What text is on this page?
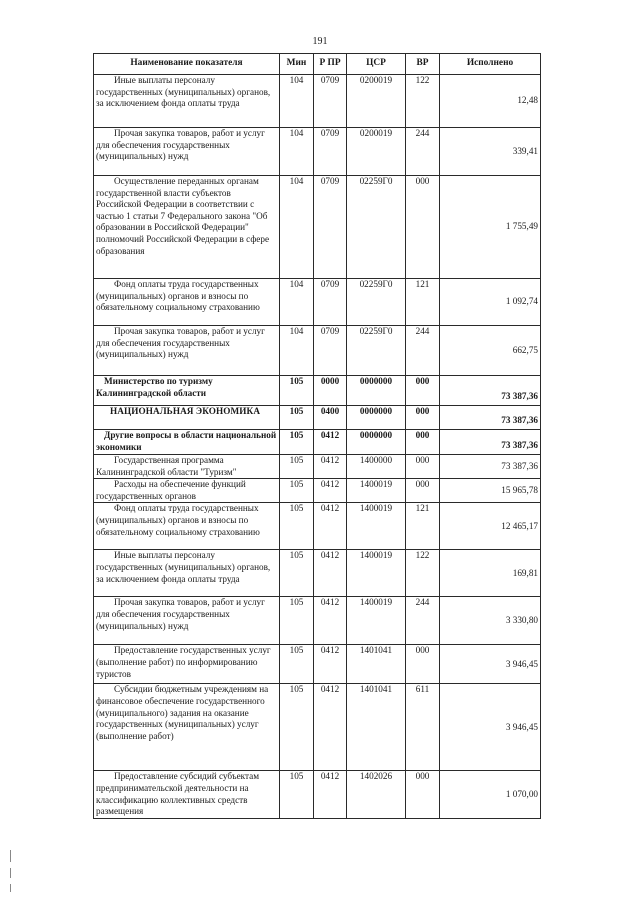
191
Наименование показателя	Мин	Р ПР	ЦСР	ВР	Исполнено

Иные выплаты персоналу государственных (муниципальных) органов, за исключением фонда оплаты труда	104	0709	0200019	122	12,48

Прочая закупка товаров, работ и услуг для обеспечения государственных (муниципальных) нужд	104	0709	0200019	244	339,41

Осуществление переданных органам государственной власти субъектов Российской Федерации в соответствии с частью 1 статьи 7 Федерального закона "Об образовании в Российской Федерации" полномочий Российской Федерации в сфере образования	104	0709	02259Г0	000	1 755,49

Фонд оплаты труда государственных (муниципальных) органов и взносы по обязательному социальному страхованию	104	0709	02259Г0	121	1 092,74

Прочая закупка товаров, работ и услуг для обеспечения государственных (муниципальных) нужд	104	0709	02259Г0	244	662,75

Министерство по туризму Калининградской области	105	0000	0000000	000	73 387,36

НАЦИОНАЛЬНАЯ ЭКОНОМИКА	105	0400	0000000	000	73 387,36

Другие вопросы в области национальной экономики	105	0412	0000000	000	73 387,36

Государственная программа Калининградской области "Туризм"	105	0412	1400000	000	73 387,36

Расходы на обеспечение функций государственных органов	105	0412	1400019	000	15 965,78

Фонд оплаты труда государственных (муниципальных) органов и взносы по обязательному социальному страхованию	105	0412	1400019	121	12 465,17

Иные выплаты персоналу государственных (муниципальных) органов, за исключением фонда оплаты труда	105	0412	1400019	122	169,81

Прочая закупка товаров, работ и услуг для обеспечения государственных (муниципальных) нужд	105	0412	1400019	244	3 330,80

Предоставление государственных услуг (выполнение работ) по информированию туристов	105	0412	1401041	000	3 946,45

Субсидии бюджетным учреждениям на финансовое обеспечение государственного (муниципального) задания на оказание государственных (муниципальных) услуг (выполнение работ)	105	0412	1401041	611	3 946,45

Предоставление субсидий субъектам предпринимательской деятельности на классификацию коллективных средств размещения	105	0412	1402026	000	1 070,00
